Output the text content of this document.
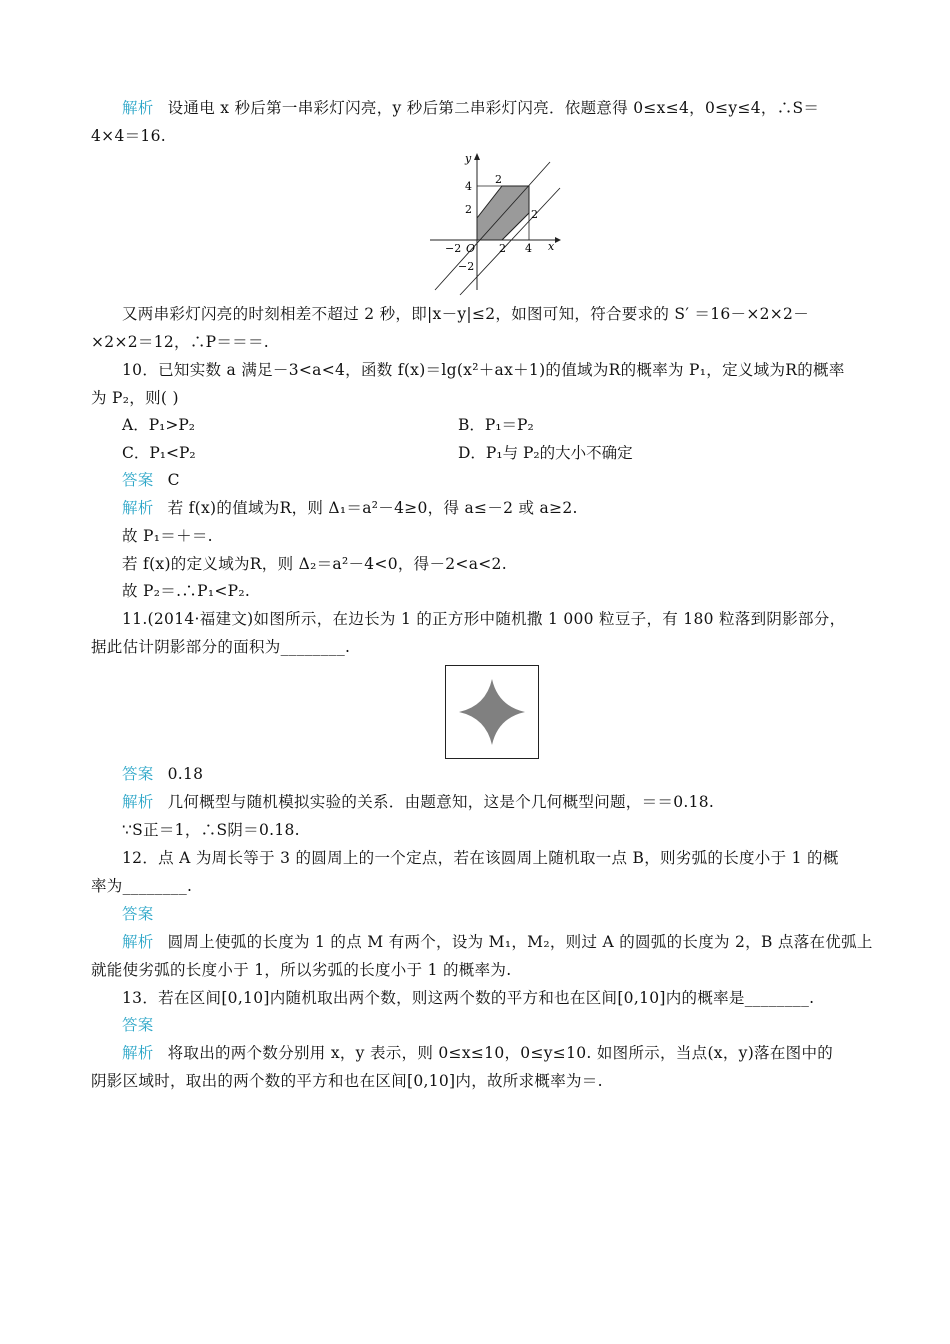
解析 设通电 x 秒后第一串彩灯闪亮，y 秒后第二串彩灯闪亮．依题意得 0≤x≤4，0≤y≤4，∴S＝
4×4＝16.
y
x
4
2
−2
−2 O 2 4
2
2
又两串彩灯闪亮的时刻相差不超过 2 秒，即|x－y|≤2，如图可知，符合要求的 S′ ＝16－×2×2－
×2×2＝12，∴P＝＝＝.
10．已知实数 a 满足－3<a<4，函数 f(x)＝lg(x²＋ax＋1)的值域为R的概率为 P₁，定义域为R的概率
为 P₂，则( )
A．P₁>P₂	B．P₁＝P₂
C．P₁<P₂	D．P₁与 P₂的大小不确定
答案 C
解析 若 f(x)的值域为R，则 Δ₁＝a²－4≥0，得 a≤－2 或 a≥2.
故 P₁＝＋＝.
若 f(x)的定义域为R，则 Δ₂＝a²－4<0，得－2<a<2.
故 P₂＝.∴P₁<P₂.
11.(2014·福建文)如图所示，在边长为 1 的正方形中随机撒 1 000 粒豆子，有 180 粒落到阴影部分，
据此估计阴影部分的面积为________.
答案 0.18
解析 几何概型与随机模拟实验的关系．由题意知，这是个几何概型问题，＝＝0.18.
∵S正＝1，∴S阴＝0.18.
12．点 A 为周长等于 3 的圆周上的一个定点，若在该圆周上随机取一点 B，则劣弧的长度小于 1 的概
率为________.
答案
解析 圆周上使弧的长度为 1 的点 M 有两个，设为 M₁，M₂，则过 A 的圆弧的长度为 2，B 点落在优弧上
就能使劣弧的长度小于 1，所以劣弧的长度小于 1 的概率为.
13．若在区间[0,10]内随机取出两个数，则这两个数的平方和也在区间[0,10]内的概率是________.
答案
解析 将取出的两个数分别用 x，y 表示，则 0≤x≤10，0≤y≤10. 如图所示，当点(x，y)落在图中的
阴影区域时，取出的两个数的平方和也在区间[0,10]内，故所求概率为＝.
